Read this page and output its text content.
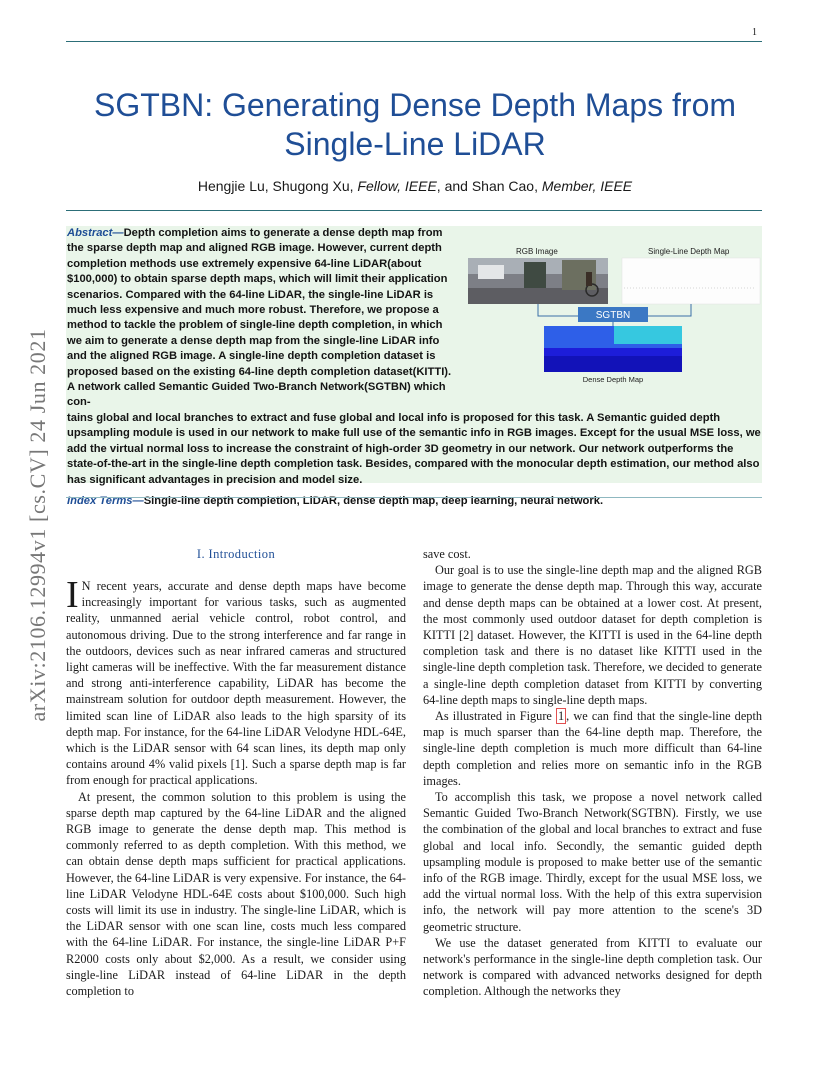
1
SGTBN: Generating Dense Depth Maps from
Single-Line LiDAR
Hengjie Lu, Shugong Xu, Fellow, IEEE, and Shan Cao, Member, IEEE
Abstract—Depth completion aims to generate a dense depth map from the sparse depth map and aligned RGB image. However, current depth completion methods use extremely expensive 64-line LiDAR(about $100,000) to obtain sparse depth maps, which will limit their application scenarios. Compared with the 64-line LiDAR, the single-line LiDAR is much less expensive and much more robust. Therefore, we propose a method to tackle the problem of single-line depth completion, in which we aim to generate a dense depth map from the single-line LiDAR info and the aligned RGB image. A single-line depth completion dataset is proposed based on the existing 64-line depth completion dataset(KITTI). A network called Semantic Guided Two-Branch Network(SGTBN) which con-
tains global and local branches to extract and fuse global and local info is proposed for this task. A Semantic guided depth upsampling module is used in our network to make full use of the semantic info in RGB images. Except for the usual MSE loss, we add the virtual normal loss to increase the constraint of high-order 3D geometry in our network. Our network outperforms the state-of-the-art in the single-line depth completion task. Besides, compared with the monocular depth estimation, our method also has significant advantages in precision and model size.
Index Terms—Single-line depth completion, LiDAR, dense depth map, deep learning, neural network.
RGB Image	Single-Line Depth Map
SGTBN
Dense Depth Map
arXiv:2106.12994v1 [cs.CV] 24 Jun 2021	I. Introduction

I N recent years, accurate and dense depth maps have become increasingly important for various tasks, such as augmented reality, unmanned aerial vehicle control, robot control, and autonomous driving. Due to the strong interference and far range in the outdoors, devices such as near infrared cameras and structured light cameras will be ineffective. With the far measurement distance and strong anti-interference capability, LiDAR has become the mainstream solution for outdoor depth measurement. However, the limited scan line of LiDAR also leads to the high sparsity of its depth map. For instance, for the 64-line LiDAR Velodyne HDL-64E, which is the LiDAR sensor with 64 scan lines, its depth map only contains around 4% valid pixels [1]. Such a sparse depth map is far from enough for practical applications.

At present, the common solution to this problem is using the sparse depth map captured by the 64-line LiDAR and the aligned RGB image to generate the dense depth map. This method is commonly referred to as depth completion. With this method, we can obtain dense depth maps sufficient for practical applications. However, the 64-line LiDAR is very expensive. For instance, the 64-line LiDAR Velodyne HDL-64E costs about $100,000. Such high costs will limit its use in industry. The single-line LiDAR, which is the LiDAR sensor with one scan line, costs much less compared with the 64-line LiDAR. For instance, the single-line LiDAR P+F R2000 costs only about $2,000. As a result, we consider using single-line LiDAR instead of 64-line LiDAR in the depth completion to

save cost.

Our goal is to use the single-line depth map and the aligned RGB image to generate the dense depth map. Through this way, accurate and dense depth maps can be obtained at a lower cost. At present, the most commonly used outdoor dataset for depth completion is KITTI [2] dataset. However, the KITTI is used in the 64-line depth completion task and there is no dataset like KITTI used in the single-line depth completion task. Therefore, we decided to generate a single-line depth completion dataset from KITTI by converting 64-line depth maps to single-line depth maps.

As illustrated in Figure 1 , we can find that the single-line depth map is much sparser than the 64-line depth map. Therefore, the single-line depth completion is much more difficult than 64-line depth completion and relies more on semantic info in the RGB images.

To accomplish this task, we propose a novel network called Semantic Guided Two-Branch Network(SGTBN). Firstly, we use the combination of the global and local branches to extract and fuse global and local info. Secondly, the semantic guided depth upsampling module is proposed to make better use of the semantic info of the RGB image. Thirdly, except for the usual MSE loss, we add the virtual normal loss. With the help of this extra supervision info, the network will pay more attention to the scene's 3D geometric structure.

We use the dataset generated from KITTI to evaluate our network's performance in the single-line depth completion task. Our network is compared with advanced networks designed for depth completion. Although the networks they
